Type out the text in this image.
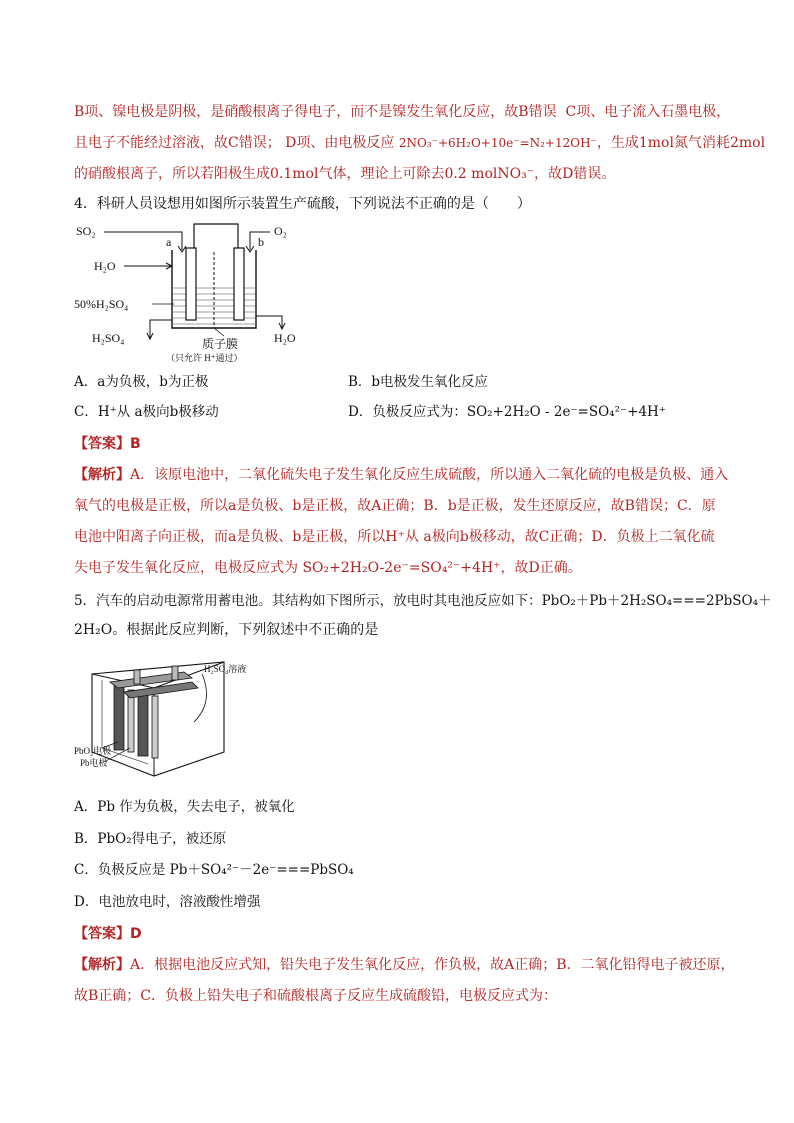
B项、镍电极是阴极，是硝酸根离子得电子，而不是镍发生氧化反应，故B错误 C项、电子流入石墨电极，
且电子不能经过溶液，故C错误； D项、由电极反应 2NO₃⁻+6H₂O+10e⁻=N₂+12OH⁻，生成1mol氮气消耗2mol
的硝酸根离子，所以若阳极生成0.1mol气体，理论上可除去0.2 molNO₃⁻，故D错误。
4．科研人员设想用如图所示装置生产硫酸，下列说法不正确的是（　　）
SO₂
a	b
O₂
H₂O
50%H₂SO₄
H₂SO₄	H₂O
质子膜
（只允许 H⁺通过）
A．a为负极，b为正极	B．b电极发生氧化反应
C．H⁺从 a极向b极移动	D．负极反应式为：SO₂+2H₂O - 2e⁻=SO₄²⁻+4H⁺
【答案】B
【解析】A．该原电池中，二氧化硫失电子发生氧化反应生成硫酸，所以通入二氧化硫的电极是负极、通入
氧气的电极是正极，所以a是负极、b是正极，故A正确；B．b是正极，发生还原反应，故B错误；C．原
电池中阳离子向正极，而a是负极、b是正极，所以H⁺从 a极向b极移动，故C正确；D．负极上二氧化硫
失电子发生氧化反应，电极反应式为 SO₂+2H₂O-2e⁻=SO₄²⁻+4H⁺，故D正确。
5．汽车的启动电源常用蓄电池。其结构如下图所示，放电时其电池反应如下：PbO₂＋Pb＋2H₂SO₄===2PbSO₄＋
2H₂O。根据此反应判断，下列叙述中不正确的是
H₂SO₄溶液
PbO₂电极
Pb电极
A．Pb 作为负极，失去电子，被氧化
B．PbO₂得电子，被还原
C．负极反应是 Pb＋SO₄²⁻－2e⁻===PbSO₄
D．电池放电时，溶液酸性增强
【答案】D
【解析】A．根据电池反应式知，铅失电子发生氧化反应，作负极，故A正确；B．二氧化铅得电子被还原，
故B正确；C．负极上铅失电子和硫酸根离子反应生成硫酸铅，电极反应式为：
